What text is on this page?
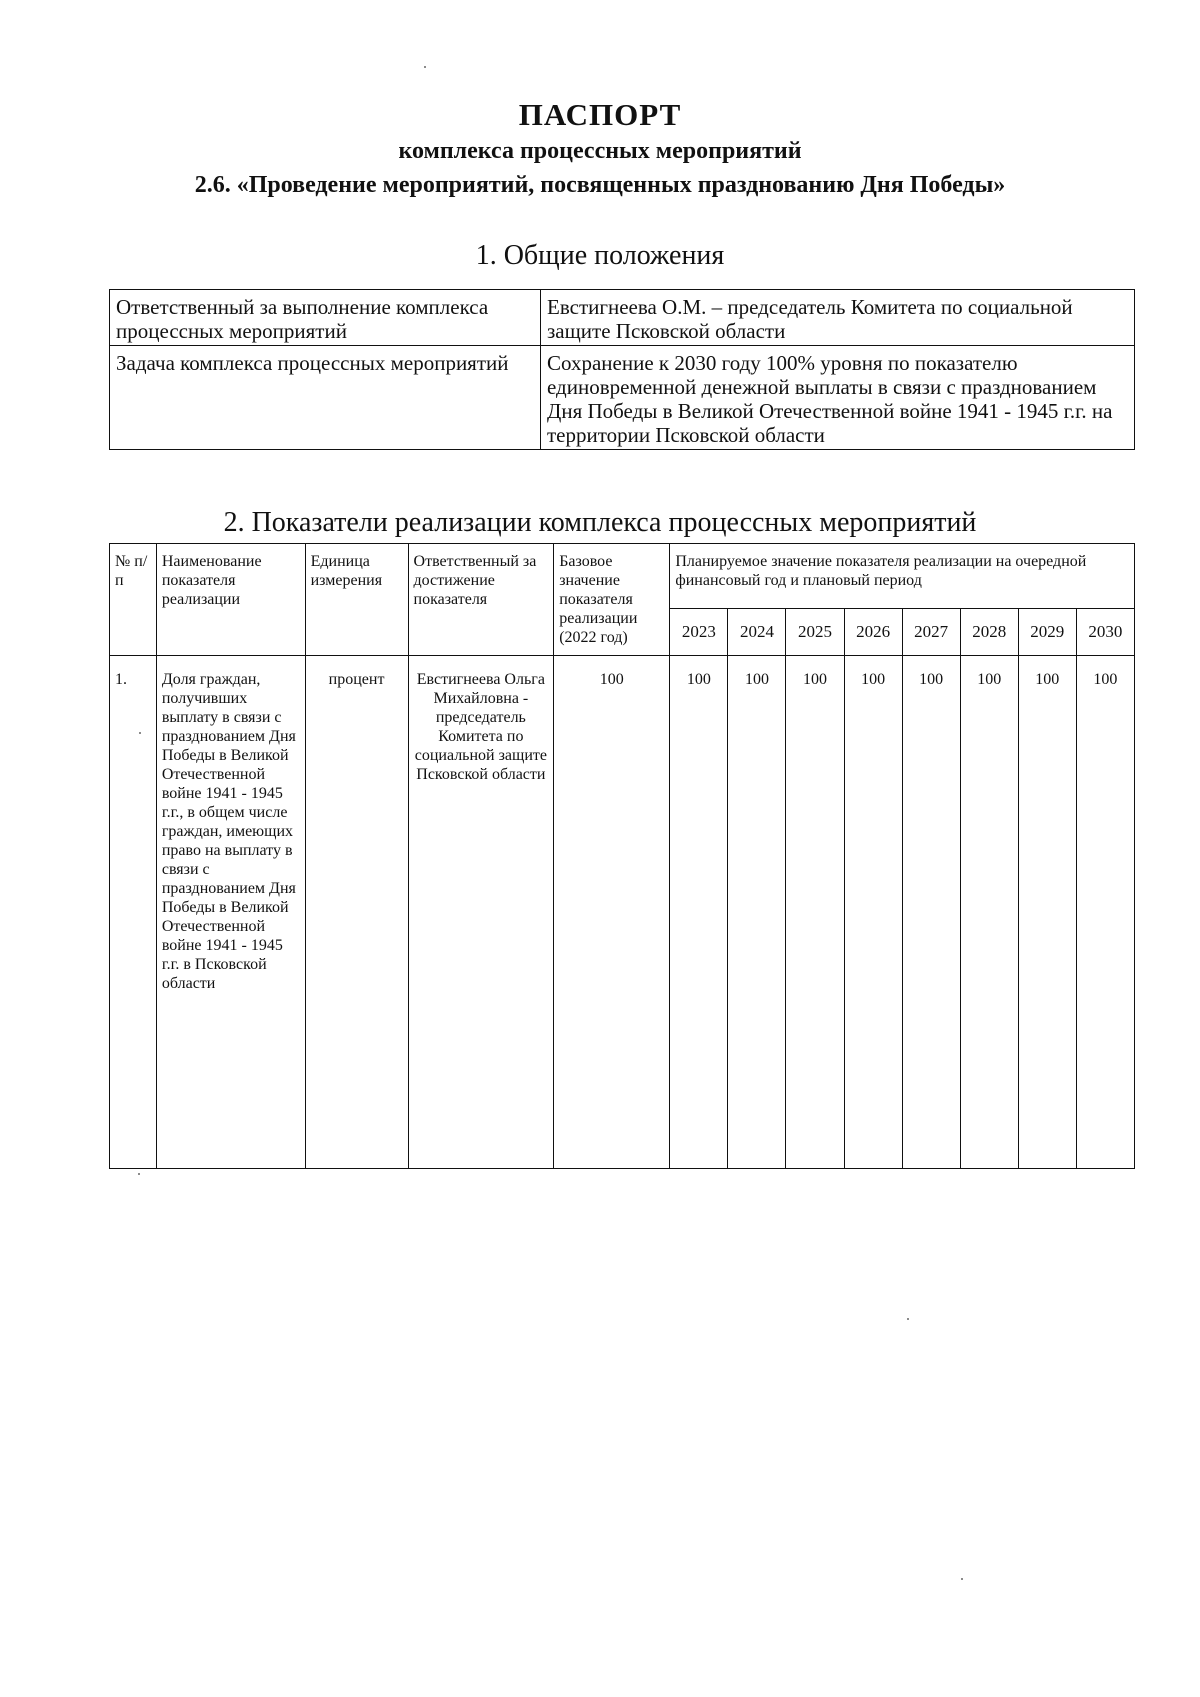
ПАСПОРТ
комплекса процессных мероприятий
2.6. «Проведение мероприятий, посвященных празднованию Дня Победы»
1. Общие положения
Ответственный за выполнение комплекса процессных мероприятий	Евстигнеева О.М. – председатель Комитета по социальной защите Псковской области
Задача комплекса процессных мероприятий	Сохранение к 2030 году 100% уровня по показателю единовременной денежной выплаты в связи с празднованием Дня Победы в Великой Отечественной войне 1941 - 1945 г.г. на территории Псковской области
2. Показатели реализации комплекса процессных мероприятий
№ п/п	Наименование показателя реализации	Единица измерения	Ответственный за достижение показателя	Базовое значение показателя реализации (2022 год)	Планируемое значение показателя реализации на очередной финансовый год и плановый период							
					2023	2024	2025	2026	2027	2028	2029	2030
1.	Доля граждан, получивших выплату в связи с празднованием Дня Победы в Великой Отечественной войне 1941 - 1945 г.г., в общем числе граждан, имеющих право на выплату в связи с празднованием Дня Победы в Великой Отечественной войне 1941 - 1945 г.г. в Псковской области	процент	Евстигнеева Ольга Михайловна - председатель Комитета по социальной защите Псковской области	100	100	100	100	100	100	100	100	100
